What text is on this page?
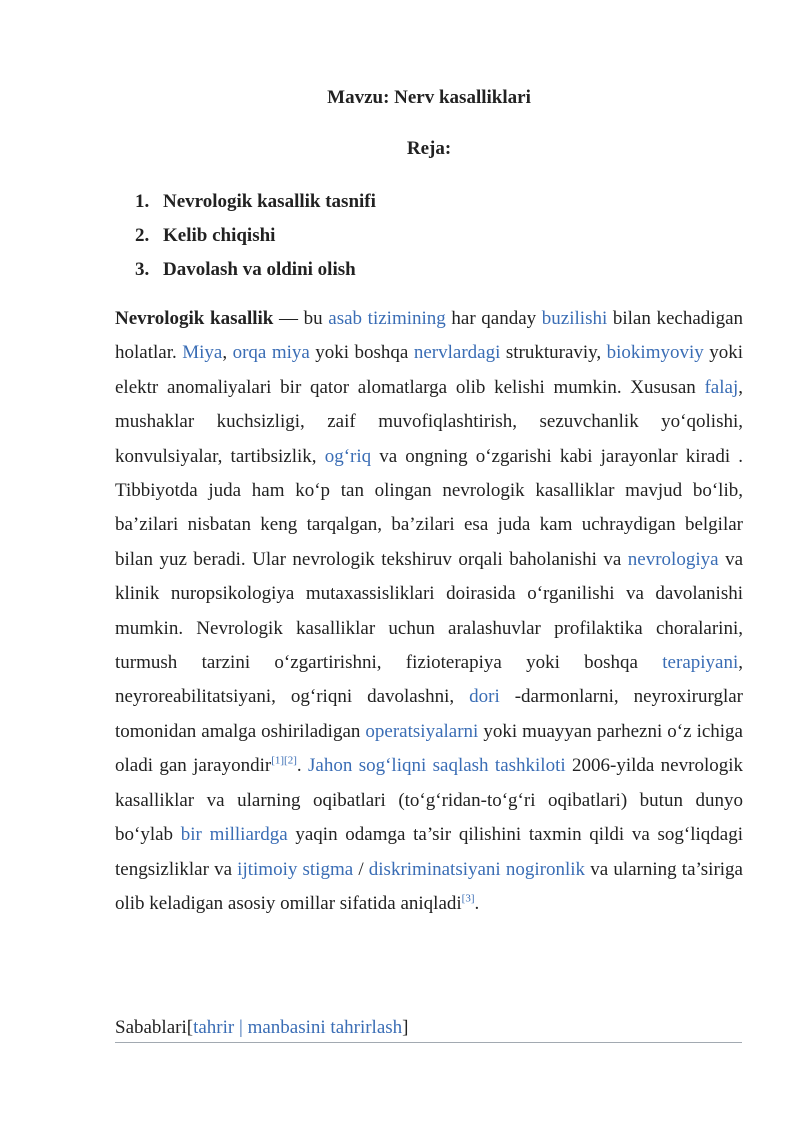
Mavzu: Nerv kasalliklari
Reja:
1. Nevrologik kasallik tasnifi
2. Kelib chiqishi
3. Davolash va oldini olish

Nevrologik kasallik — bu asab tizimining har qanday buzilishi bilan kechadigan holatlar. Miya, orqa miya yoki boshqa nervlardagi strukturaviy, biokimyoviy yoki elektr anomaliyalari bir qator alomatlarga olib kelishi mumkin. Xususan falaj, mushaklar kuchsizligi, zaif muvofiqlashtirish, sezuvchanlik yo‘qolishi, konvulsiyalar, tartibsizlik, og‘riq va ongning o‘zgarishi kabi jarayonlar kiradi . Tibbiyotda juda ham ko‘p tan olingan nevrologik kasalliklar mavjud bo‘lib, ba’zilari nisbatan keng tarqalgan, ba’zilari esa juda kam uchraydigan belgilar bilan yuz beradi. Ular nevrologik tekshiruv orqali baholanishi va nevrologiya va klinik nuropsikologiya mutaxassisliklari doirasida o‘rganilishi va davolanishi mumkin. Nevrologik kasalliklar uchun aralashuvlar profilaktika choralarini, turmush tarzini o‘zgartirishni, fizioterapiya yoki boshqa terapiyani, neyroreabilitatsiyani, og‘riqni davolashni, dori -darmonlarni, neyroxirurglar tomonidan amalga oshiriladigan operatsiyalarni yoki muayyan parhezni o‘z ichiga oladi gan jarayondir[1][2]. Jahon sog‘liqni saqlash tashkiloti 2006-yilda nevrologik kasalliklar va ularning oqibatlari (to‘g‘ridan-to‘g‘ri oqibatlari) butun dunyo bo‘ylab bir milliardga yaqin odamga ta’sir qilishini taxmin qildi va sog‘liqdagi tengsizliklar va ijtimoiy stigma / diskriminatsiyani nogironlik va ularning ta’siriga olib keladigan asosiy omillar sifatida aniqladi[3].

Sabablari[tahrir | manbasini tahrirlash]
